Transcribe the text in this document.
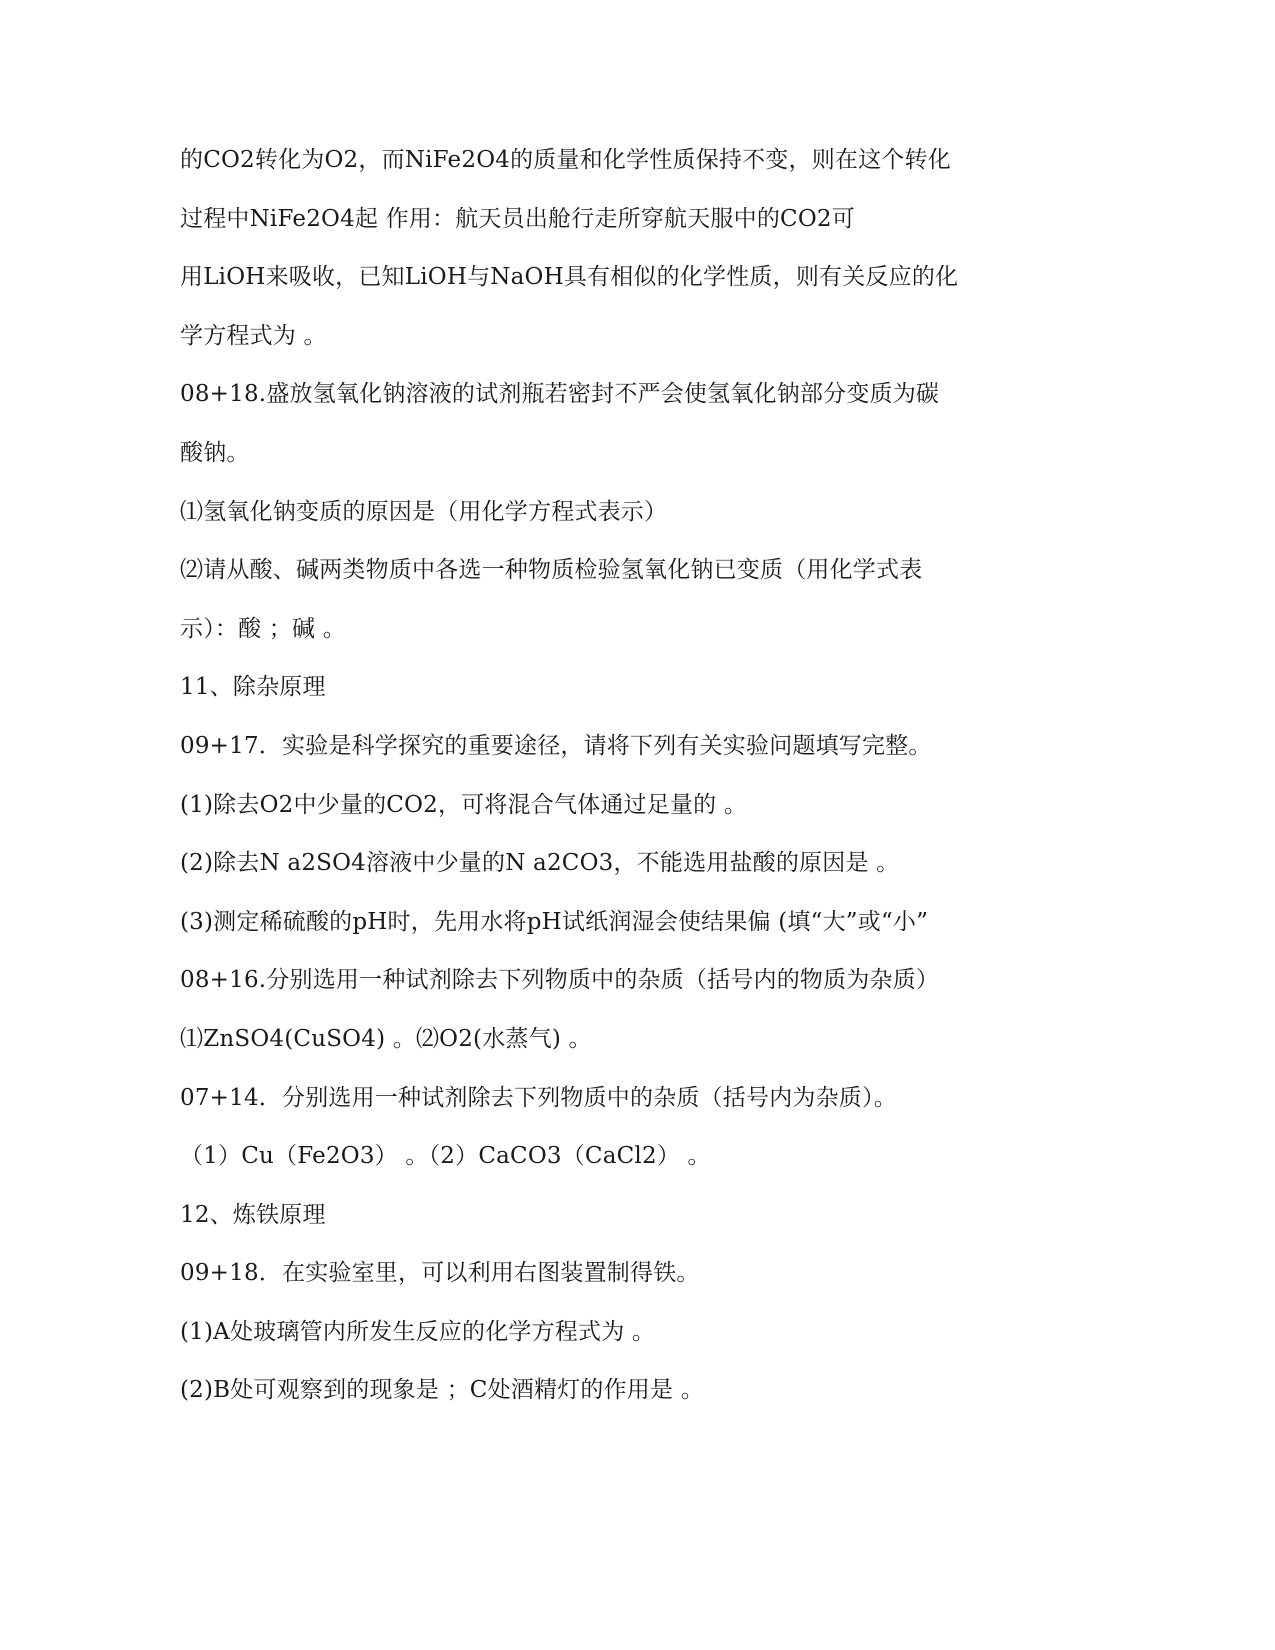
的CO2转化为O2，而NiFe2O4的质量和化学性质保持不变，则在这个转化
过程中NiFe2O4起 作用：航天员出舱行走所穿航天服中的CO2可
用LiOH来吸收，已知LiOH与NaOH具有相似的化学性质，则有关反应的化
学方程式为 。
08+18.盛放氢氧化钠溶液的试剂瓶若密封不严会使氢氧化钠部分变质为碳
酸钠。
⑴氢氧化钠变质的原因是（用化学方程式表示）
⑵请从酸、碱两类物质中各选一种物质检验氢氧化钠已变质（用化学式表
示）：酸 ；碱 。
11、除杂原理
09+17．实验是科学探究的重要途径，请将下列有关实验问题填写完整。
(1)除去O2中少量的CO2，可将混合气体通过足量的 。
(2)除去N a2SO4溶液中少量的N a2CO3，不能选用盐酸的原因是 。
(3)测定稀硫酸的pH时，先用水将pH试纸润湿会使结果偏 (填“大”或“小”
08+16.分别选用一种试剂除去下列物质中的杂质（括号内的物质为杂质）
⑴ZnSO4(CuSO4) 。⑵O2(水蒸气) 。
07+14．分别选用一种试剂除去下列物质中的杂质（括号内为杂质）。
（1）Cu（Fe2O3） 。（2）CaCO3（CaCl2） 。
12、炼铁原理
09+18．在实验室里，可以利用右图装置制得铁。
(1)A处玻璃管内所发生反应的化学方程式为 。
(2)B处可观察到的现象是 ；C处酒精灯的作用是 。
